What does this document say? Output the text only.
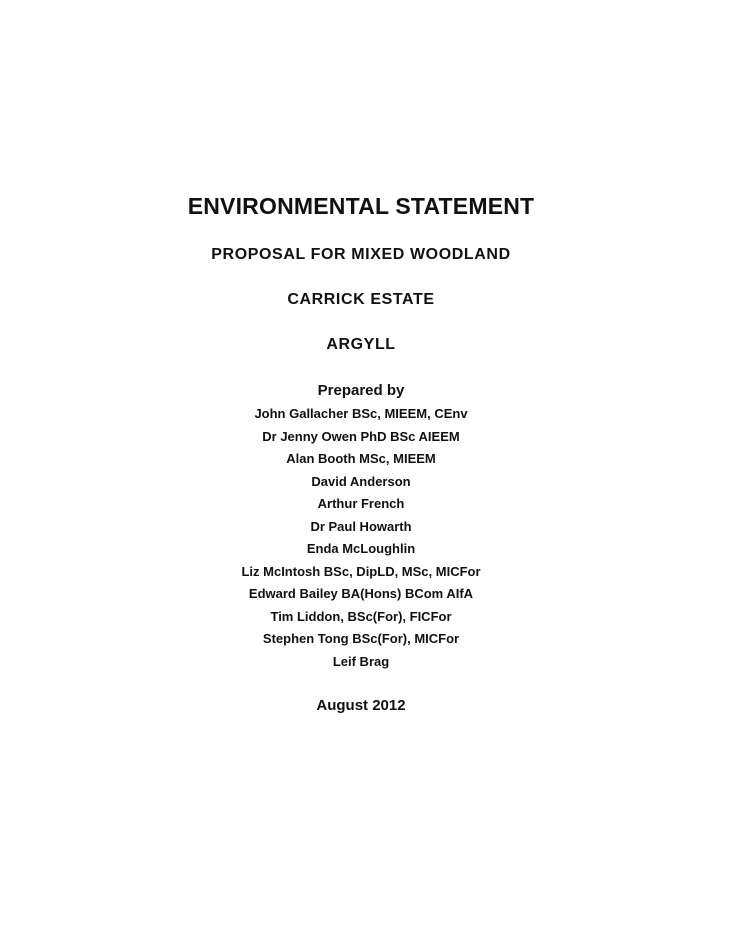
ENVIRONMENTAL STATEMENT
PROPOSAL FOR MIXED WOODLAND
CARRICK ESTATE
ARGYLL
Prepared by
John Gallacher BSc, MIEEM, CEnv
Dr Jenny Owen PhD BSc AIEEM
Alan Booth MSc, MIEEM
David Anderson
Arthur French
Dr Paul Howarth
Enda McLoughlin
Liz McIntosh BSc, DipLD, MSc, MICFor
Edward Bailey BA(Hons) BCom AIfA
Tim Liddon, BSc(For), FICFor
Stephen Tong BSc(For), MICFor
Leif Brag
August 2012
